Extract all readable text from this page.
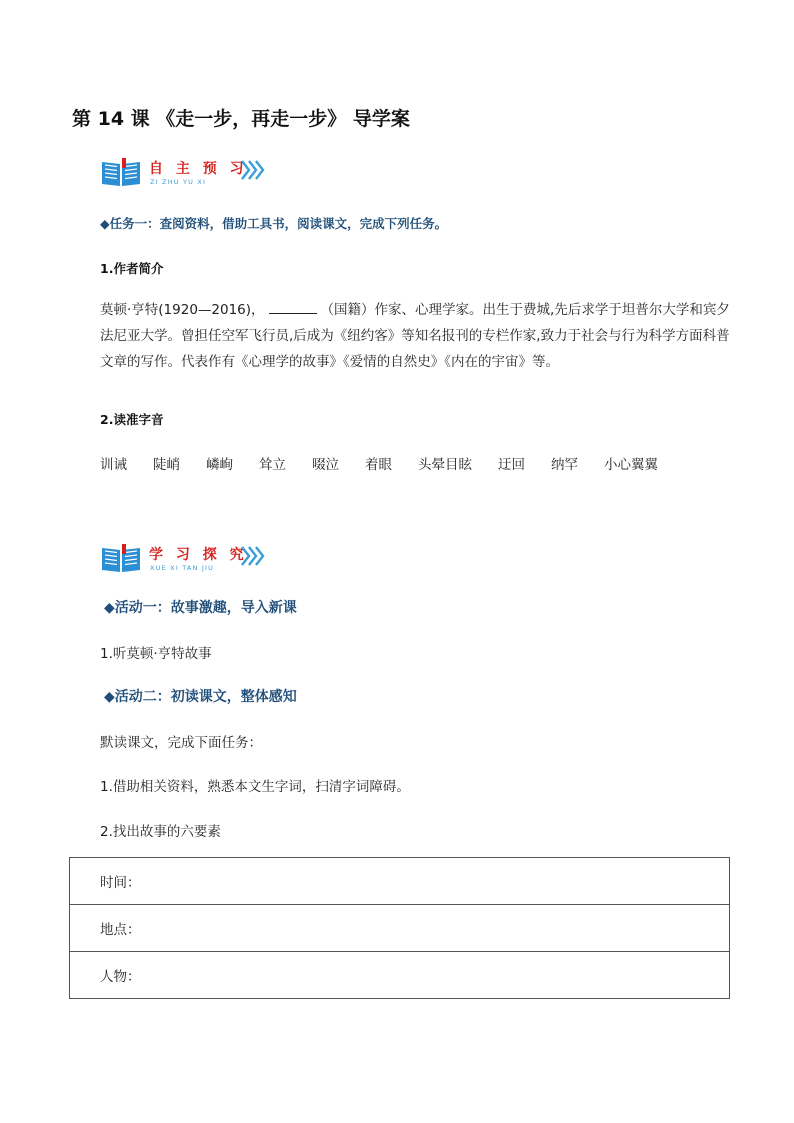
第 14 课 《走一步，再走一步》 导学案
自 主 预 习
ZI ZHU YU XI
◆任务一：查阅资料，借助工具书，阅读课文，完成下列任务。
1.作者简介
莫顿·亨特(1920—2016)，	（国籍）作家、心理学家。出生于费城,先后求学于坦普尔大学和宾夕法尼亚大学。曾担任空军飞行员,后成为《纽约客》等知名报刊的专栏作家,致力于社会与行为科学方面科普文章的写作。代表作有《心理学的故事》《爱情的自然史》《内在的宇宙》等。
2.读准字音
训诫 陡峭 嶙峋 耸立 啜泣 着眼 头晕目眩 迂回 纳罕 小心翼翼
学 习 探 究
XUE XI TAN JIU
◆活动一：故事激趣，导入新课
1.听莫顿·亨特故事
◆活动二：初读课文，整体感知
默读课文，完成下面任务：
1.借助相关资料，熟悉本文生字词，扫清字词障碍。
2.找出故事的六要素
时间：
地点：
人物：
